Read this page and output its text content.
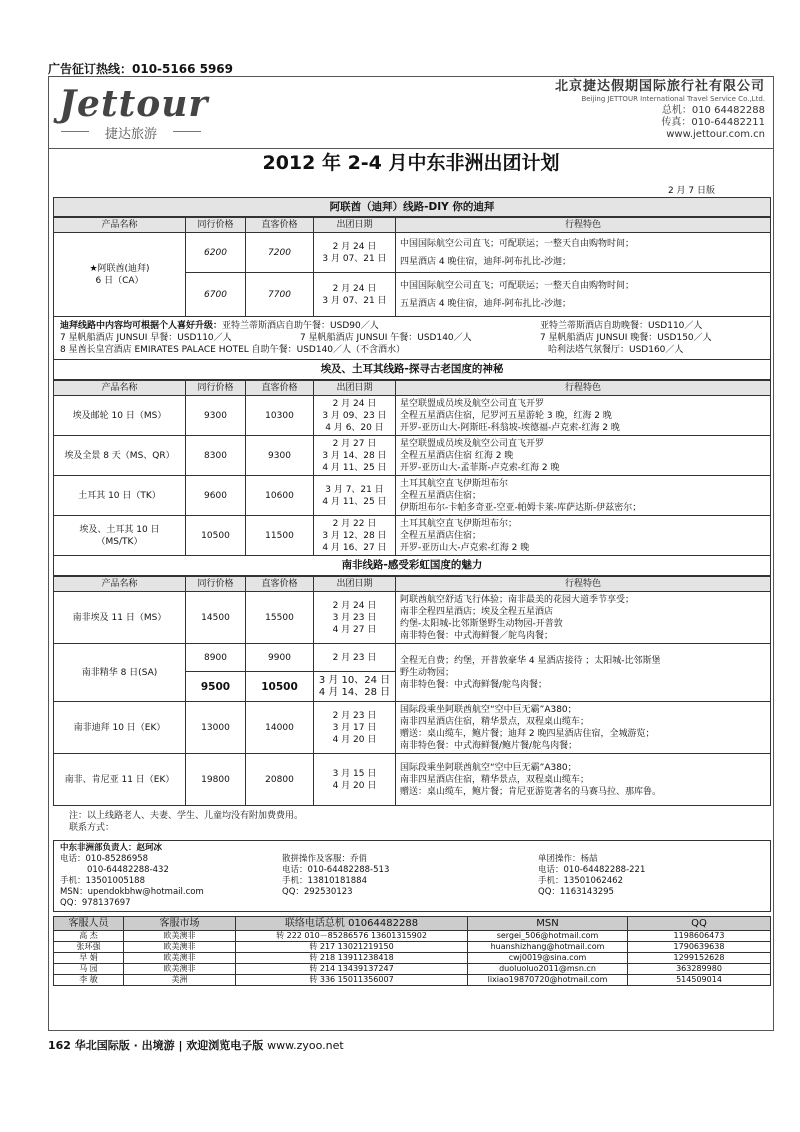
广告征订热线：010-5166 5969
Jettour
捷达旅游
北京捷达假期国际旅行社有限公司
Beijing JETTOUR International Travel Service Co.,Ltd.
总机：010 64482288
传真：010-64482211
www.jettour.com.cn
2012 年 2-4 月中东非洲出团计划
2 月 7 日版
阿联酋（迪拜）线路-DIY 你的迪拜
产品名称	同行价格	直客价格	出团日期	行程特色
★阿联酋(迪拜)
6 日（CA）	6200	7200	2 月 24 日
3 月 07、21 日	中国国际航空公司直飞；可配联运；一整天自由购物时间；
四星酒店 4 晚住宿，迪拜-阿布扎比-沙迦；
	6700	7700	2 月 24 日
3 月 07、21 日	中国国际航空公司直飞；可配联运；一整天自由购物时间；
五星酒店 4 晚住宿，迪拜-阿布扎比-沙迦；
迪拜线路中内容均可根据个人喜好升级：亚特兰蒂斯酒店自助午餐：USD90／人	亚特兰蒂斯酒店自助晚餐：USD110／人
7 星帆船酒店 JUNSUI 早餐：USD110／人	7 星帆船酒店 JUNSUI 午餐：USD140／人	7 星帆船酒店 JUNSUI 晚餐：USD150／人
8 星酋长皇宫酒店 EMIRATES PALACE HOTEL 自助午餐：USD140／人（不含酒水）	哈利法塔气氛餐厅：USD160／人
埃及、土耳其线路-探寻古老国度的神秘
产品名称	同行价格	直客价格	出团日期	行程特色
埃及邮轮 10 日（MS）	9300	10300	2 月 24 日
3 月 09、23 日
4 月 6、20 日	星空联盟成员埃及航空公司直飞开罗
全程五星酒店住宿，尼罗河五星游轮 3 晚，红海 2 晚
开罗-亚历山大-阿斯旺-科翁坡-埃德福-卢克索-红海 2 晚
埃及全景 8 天（MS、QR）	8300	9300	2 月 27 日
3 月 14、28 日
4 月 11、25 日	星空联盟成员埃及航空公司直飞开罗
全程五星酒店住宿 红海 2 晚
开罗-亚历山大-孟菲斯-卢克索-红海 2 晚
土耳其 10 日（TK）	9600	10600	3 月 7、21 日
4 月 11、25 日	土耳其航空直飞伊斯坦布尔
全程五星酒店住宿；
伊斯坦布尔-卡帕多奇亚-空亚-帕姆卡莱-库萨达斯-伊兹密尔；
埃及、土耳其 10 日
（MS/TK）	10500	11500	2 月 22 日
3 月 12、28 日
4 月 16、27 日	土耳其航空直飞伊斯坦布尔；
全程五星酒店住宿；
开罗-亚历山大-卢克索-红海 2 晚
南非线路-感受彩虹国度的魅力
产品名称	同行价格	直客价格	出团日期	行程特色
南非埃及 11 日（MS）	14500	15500	2 月 24 日
3 月 23 日
4 月 27 日	阿联酋航空舒适飞行体验；南非最美的花园大道季节享受；
南非全程四星酒店；埃及全程五星酒店
约堡-太阳城-比邻斯堡野生动物园-开普敦
南非特色餐：中式海鲜餐／鸵鸟肉餐；
南非精华 8 日(SA)	8900	9900	2 月 23 日	全程无自费；约堡，开普敦豪华 4 星酒店接待 ；太阳城-比邻斯堡
野生动物园；
南非特色餐：中式海鲜餐/鸵鸟肉餐；
	9500	10500	3 月 10、24 日
4 月 14、28 日	
南非迪拜 10 日（EK）	13000	14000	2 月 23 日
3 月 17 日
4 月 20 日	国际段乘坐阿联酋航空“空中巨无霸”A380；
南非四星酒店住宿，精华景点，双程桌山缆车；
赠送：桌山缆车，鲍片餐；迪拜 2 晚四星酒店住宿，全城游览；
南非特色餐：中式海鲜餐/鲍片餐/鸵鸟肉餐；
南非、肯尼亚 11 日（EK）	19800	20800	3 月 15 日
4 月 20 日	国际段乘坐阿联酋航空“空中巨无霸”A380；
南非四星酒店住宿，精华景点，双程桌山缆车；
赠送：桌山缆车，鲍片餐；肯尼亚游览著名的马赛马拉、那库鲁。
注：以上线路老人、夫妻、学生、儿童均没有附加费费用。
联系方式：
中东非洲部负责人：赵珂冰
电话：010-85286958
010-64482288-432
手机：13501005188
MSN：upendokbhw@hotmail.com
QQ：978137697

散拼操作及客服：乔俏
电话：010-64482288-513
手机：13810181884
QQ：292530123

单团操作：杨喆
电话：010-64482288-221
手机：13501062462
QQ：1163143295
客服人员	客服市场	联络电话总机 01064482288	MSN	QQ
高 杰	欧美澳非	转 222 010－85286576 13601315902	sergei_506@hotmail.com	1198606473
张环强	欧美澳非	转 217 13021219150	huanshizhang@hotmail.com	1790639638
早 娟	欧美澳非	转 218 13911238418	cwj0019@sina.com	1299152628
马 园	欧美澳非	转 214 13439137247	duoluoluo2011@msn.cn	363289980
李 敏	美洲	转 336 15011356007	lixiao19870720@hotmail.com	514509014
162 华北国际版 · 出境游 | 欢迎浏览电子版 www.zyoo.net
